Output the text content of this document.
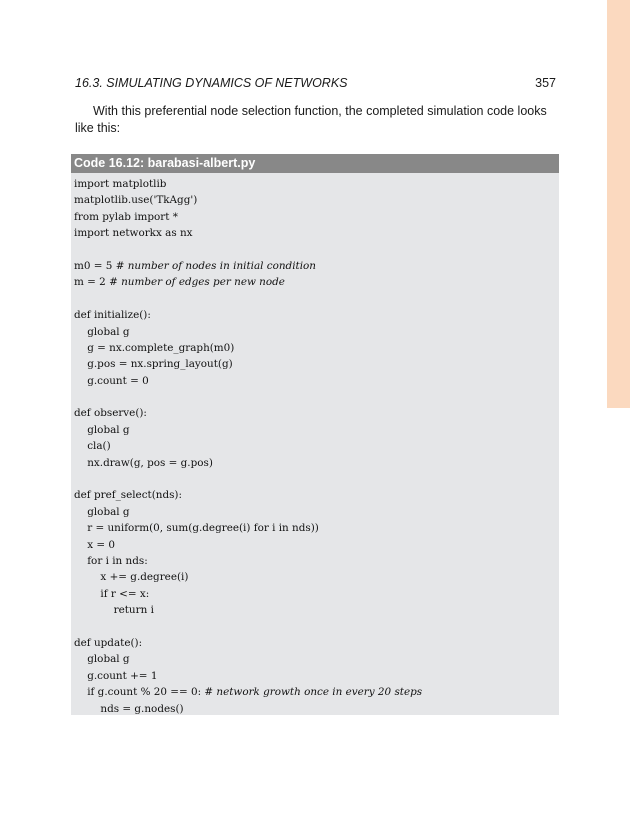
16.3. SIMULATING DYNAMICS OF NETWORKS	357

With this preferential node selection function, the completed simulation code looks like this:

Code 16.12: barabasi-albert.py
import matplotlib
matplotlib.use('TkAgg')
from pylab import *
import networkx as nx
m0 = 5 # number of nodes in initial condition
m = 2 # number of edges per new node
def initialize():
global g
g = nx.complete_graph(m0)
g.pos = nx.spring_layout(g)
g.count = 0
def observe():
global g
cla()
nx.draw(g, pos = g.pos)
def pref_select(nds):
global g
r = uniform(0, sum(g.degree(i) for i in nds))
x = 0
for i in nds:
x += g.degree(i)
if r <= x:
return i
def update():
global g
g.count += 1
if g.count % 20 == 0: # network growth once in every 20 steps
nds = g.nodes()
